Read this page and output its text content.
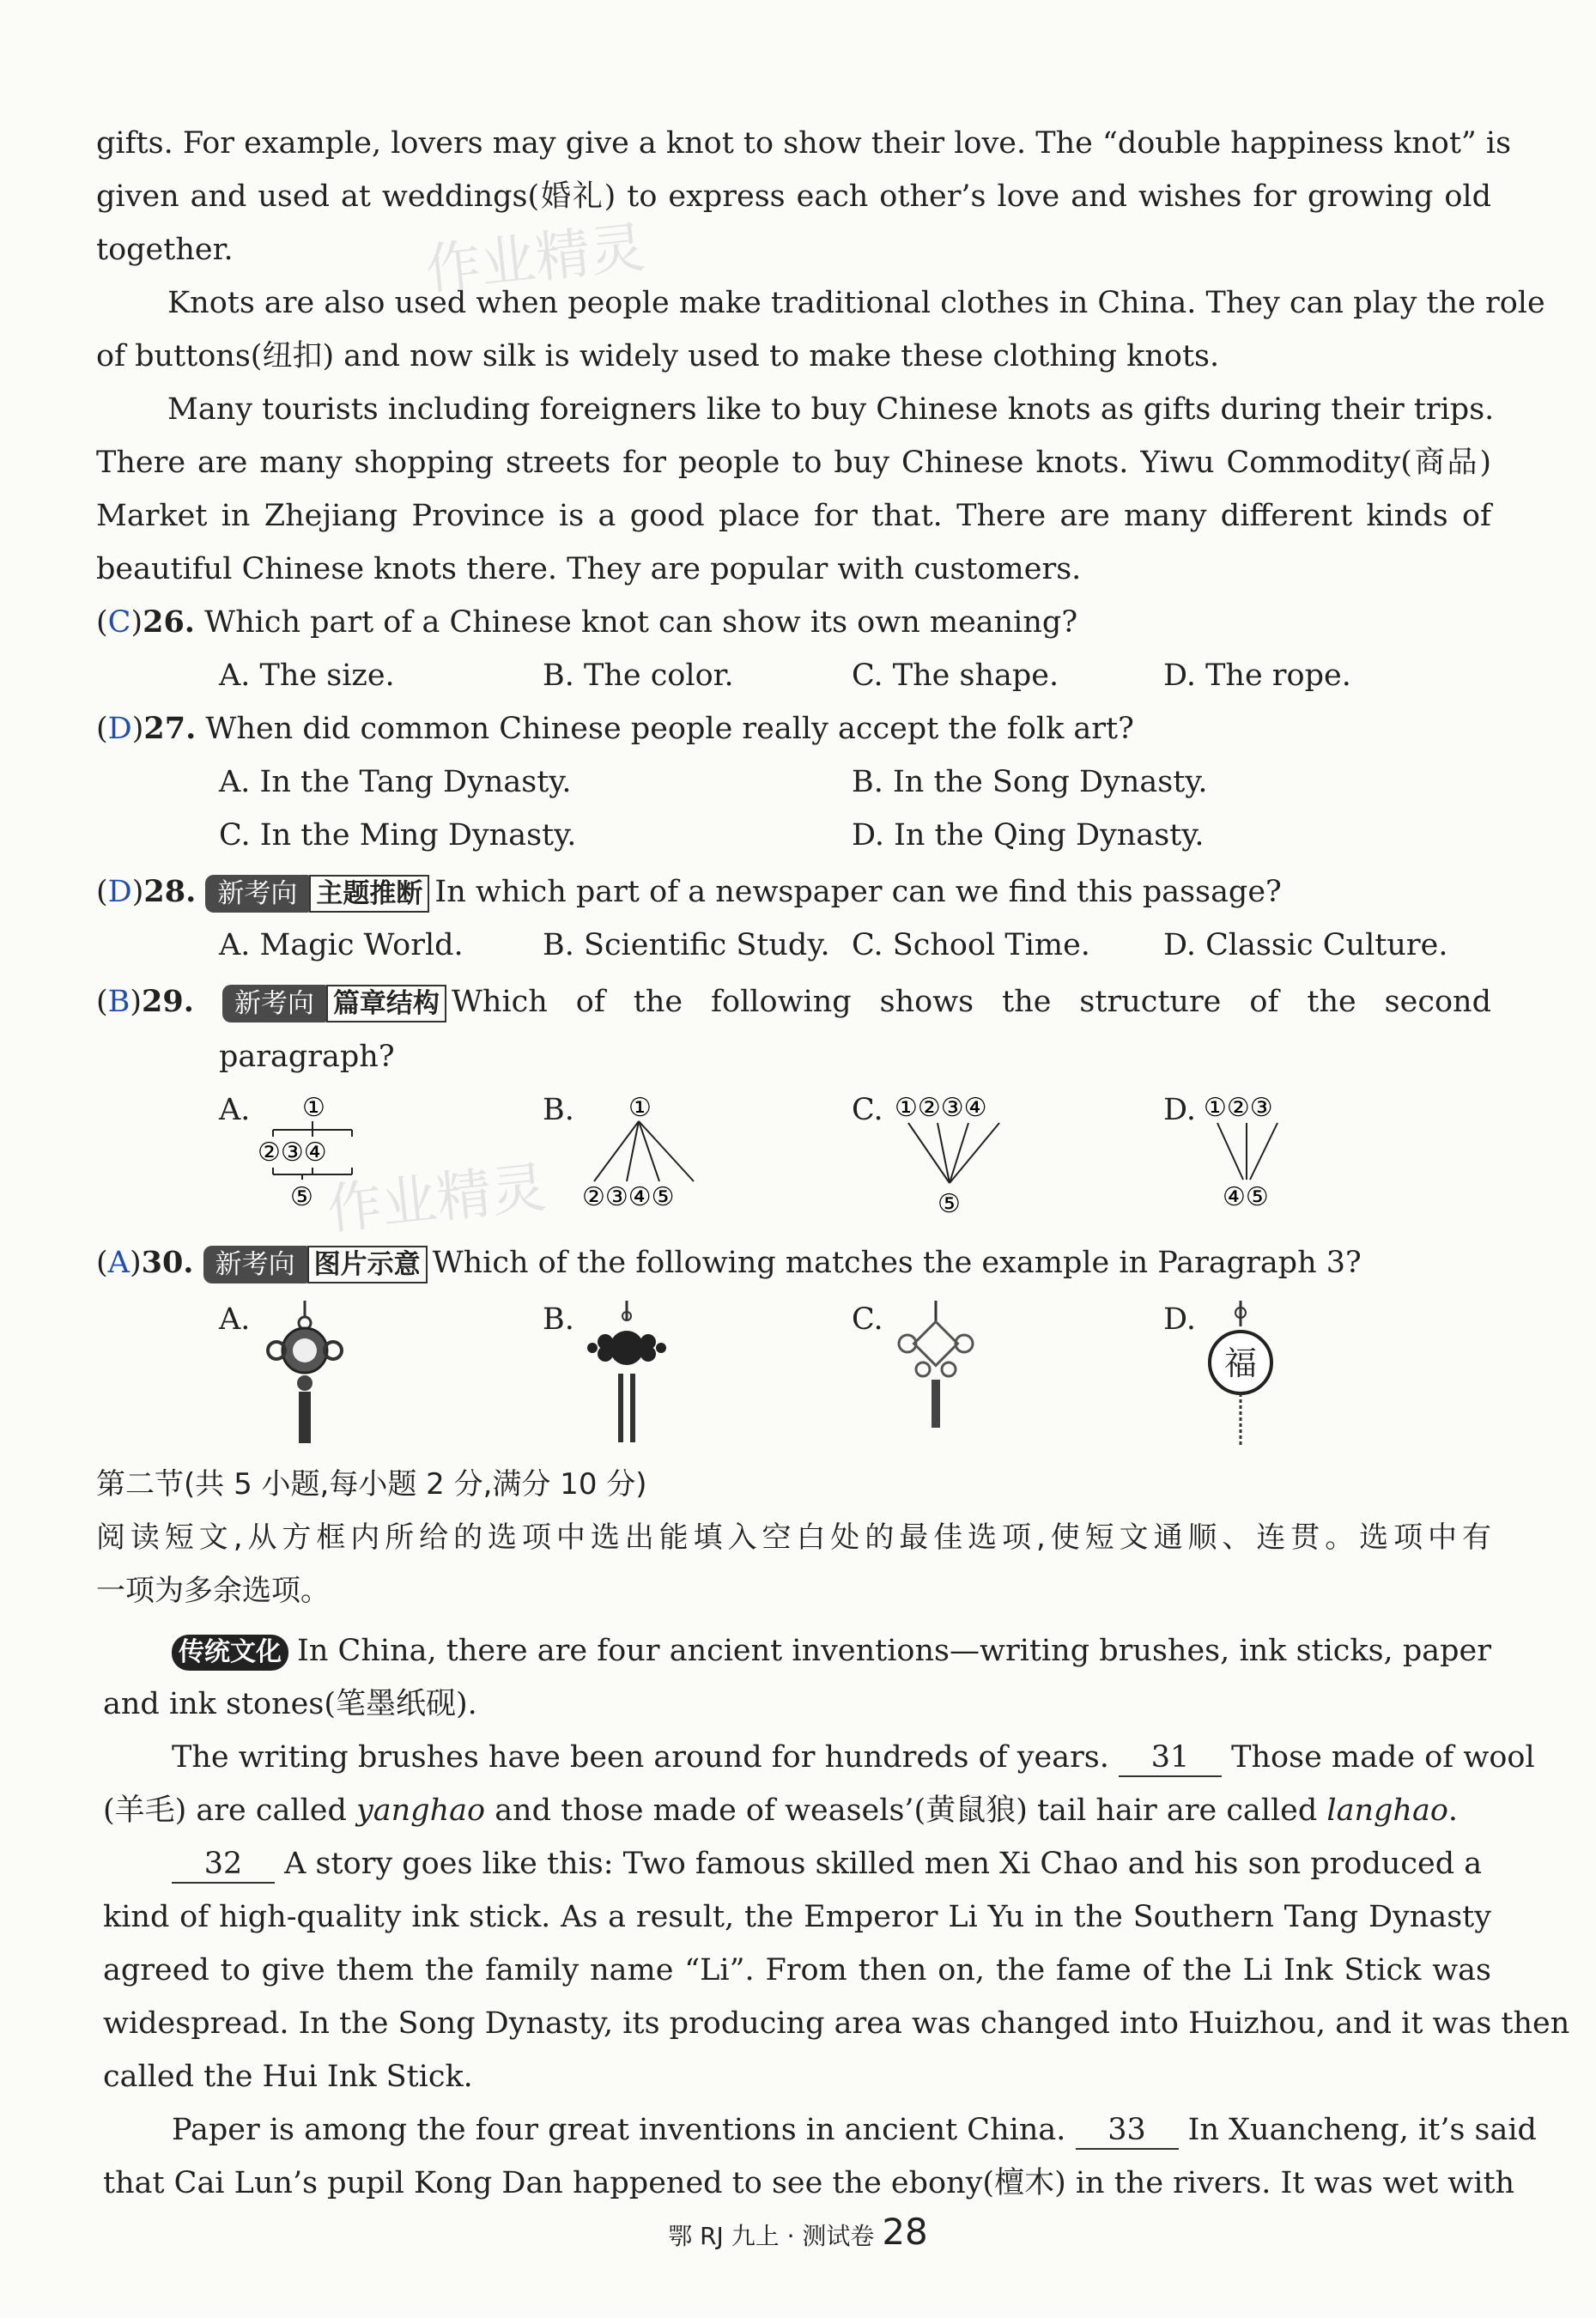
作业精灵
作业精灵
gifts. For example, lovers may give a knot to show their love. The “double happiness knot” is
given and used at weddings(婚礼) to express each other’s love and wishes for growing old
together.
Knots are also used when people make traditional clothes in China. They can play the role
of buttons(纽扣) and now silk is widely used to make these clothing knots.
Many tourists including foreigners like to buy Chinese knots as gifts during their trips.
There are many shopping streets for people to buy Chinese knots. Yiwu Commodity(商品)
Market in Zhejiang Province is a good place for that. There are many different kinds of
beautiful Chinese knots there. They are popular with customers.
(C)26. Which part of a Chinese knot can show its own meaning?
A. The size.	B. The color.	C. The shape.	D. The rope.
(D)27. When did common Chinese people really accept the folk art?
A. In the Tang Dynasty.	B. In the Song Dynasty.
C. In the Ming Dynasty.	D. In the Qing Dynasty.
(D)28. 新考向 主题推断 In which part of a newspaper can we find this passage?
A. Magic World.	B. Scientific Study. C. School Time. D. Classic Culture.
(B)29. 新考向 篇章结构 Which of the following shows the structure of the second
paragraph?
A.	B.	C.	D.
①
②③④
⑤
①
②③④⑤
①②③④
⑤
①②③
④⑤
(A)30. 新考向 图片示意 Which of the following matches the example in Paragraph 3?
A.	B.	C.	D.
福
第二节(共 5 小题,每小题 2 分,满分 10 分)
阅读短文,从方框内所给的选项中选出能填入空白处的最佳选项,使短文通顺、连贯。选项中有
一项为多余选项。
传统文化 In China, there are four ancient inventions—writing brushes, ink sticks, paper
and ink stones(笔墨纸砚).
The writing brushes have been around for hundreds of years. 31 Those made of wool
(羊毛) are called yanghao and those made of weasels’(黄鼠狼) tail hair are called langhao.
32 A story goes like this: Two famous skilled men Xi Chao and his son produced a
kind of high-quality ink stick. As a result, the Emperor Li Yu in the Southern Tang Dynasty
agreed to give them the family name “Li”. From then on, the fame of the Li Ink Stick was
widespread. In the Song Dynasty, its producing area was changed into Huizhou, and it was then
called the Hui Ink Stick.
Paper is among the four great inventions in ancient China. 33 In Xuancheng, it’s said
that Cai Lun’s pupil Kong Dan happened to see the ebony(檀木) in the rivers. It was wet with
鄂 RJ 九上 · 测试卷 28
